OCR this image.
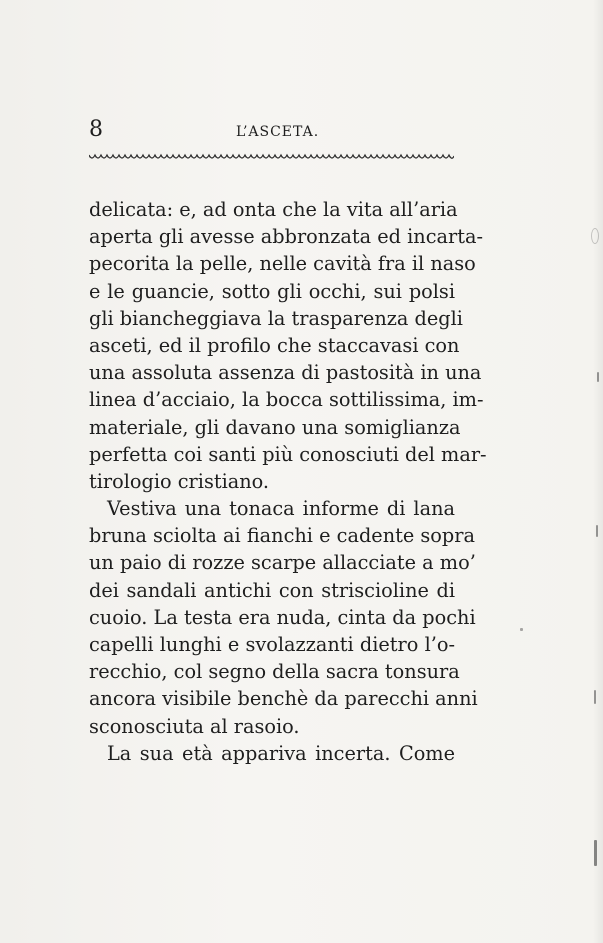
8	L’ASCETA.
delicata: e, ad onta che la vita all’aria
aperta gli avesse abbronzata ed incarta-
pecorita la pelle, nelle cavità fra il naso
e le guancie, sotto gli occhi, sui polsi
gli biancheggiava la trasparenza degli
asceti, ed il profilo che staccavasi con
una assoluta assenza di pastosità in una
linea d’acciaio, la bocca sottilissima, im-
materiale, gli davano una somiglianza
perfetta coi santi più conosciuti del mar-
tirologio cristiano.
Vestiva una tonaca informe di lana
bruna sciolta ai fianchi e cadente sopra
un paio di rozze scarpe allacciate a mo’
dei sandali antichi con striscioline di
cuoio. La testa era nuda, cinta da pochi
capelli lunghi e svolazzanti dietro l’o-
recchio, col segno della sacra tonsura
ancora visibile benchè da parecchi anni
sconosciuta al rasoio.
La sua età appariva incerta. Come
